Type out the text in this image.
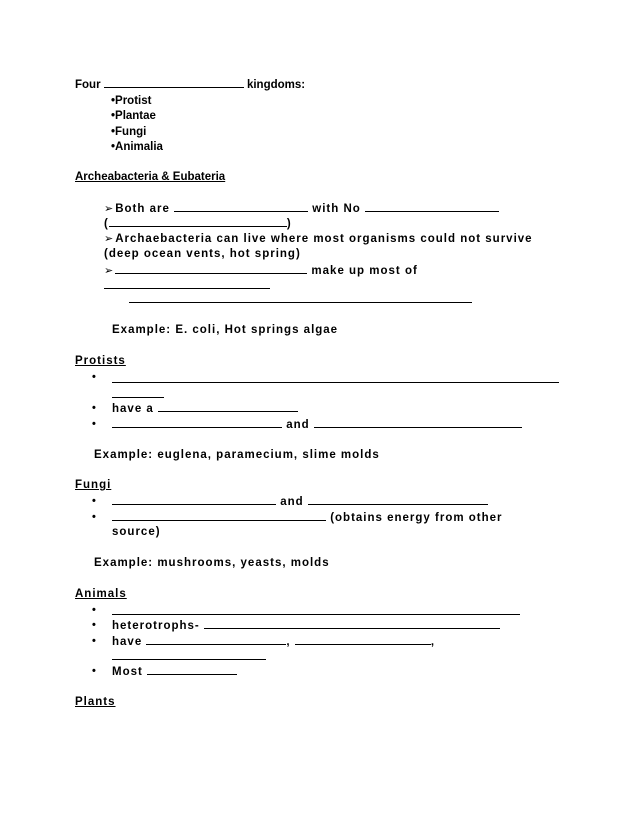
Four	kingdoms:
•Protist
•Plantae
•Fungi
•Animalia
Archeabacteria & Eubateria
➢Both are	with No
(	)
➢Archaebacteria can live where most organisms could not survive
(deep ocean vents, hot spring)
➢	make up most of
Example: E. coli, Hot springs algae
Protists
•
• have a
•	and
Example: euglena, paramecium, slime molds
Fungi
•	and
•	(obtains energy from other
source)
Example: mushrooms, yeasts, molds
Animals
•
• heterotrophs-
• have	,	,
• Most
Plants
